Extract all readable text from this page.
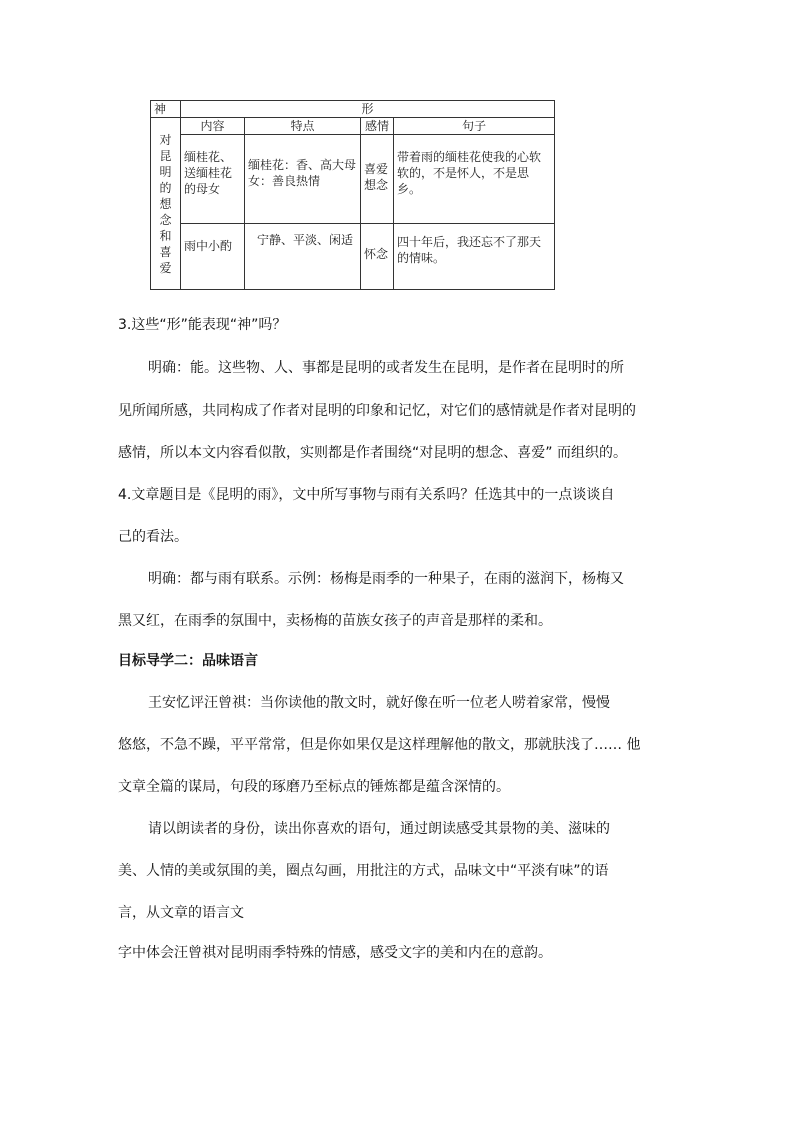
神	形			
对昆明的想念和喜爱	内容	特点	感情	句子
	缅桂花、送缅桂花的母女	缅桂花：香、高大母女：善良热情	喜爱想念	带着雨的缅桂花使我的心软软的，不是怀人，不是思乡。
	雨中小酌	宁静、平淡、闲适	怀念	四十年后，我还忘不了那天的情味。

3.这些“形”能表现“神”吗？

明确：能。这些物、人、事都是昆明的或者发生在昆明，是作者在昆明时的所

见所闻所感，共同构成了作者对昆明的印象和记忆，对它们的感情就是作者对昆明的

感情，所以本文内容看似散，实则都是作者围绕“对昆明的想念、喜爱” 而组织的。

4.文章题目是《昆明的雨》，文中所写事物与雨有关系吗？任选其中的一点谈谈自

己的看法。

明确：都与雨有联系。示例：杨梅是雨季的一种果子，在雨的滋润下，杨梅又

黑又红，在雨季的氛围中，卖杨梅的苗族女孩子的声音是那样的柔和。

目标导学二：品味语言

王安忆评汪曾祺：当你读他的散文时，就好像在听一位老人唠着家常，慢慢

悠悠，不急不躁，平平常常，但是你如果仅是这样理解他的散文，那就肤浅了…… 他

文章全篇的谋局，句段的琢磨乃至标点的锤炼都是蕴含深情的。

请以朗读者的身份，读出你喜欢的语句，通过朗读感受其景物的美、滋味的

美、人情的美或氛围的美，圈点勾画，用批注的方式，品味文中“平淡有味”的语

言，从文章的语言文

字中体会汪曾祺对昆明雨季特殊的情感，感受文字的美和内在的意韵。
